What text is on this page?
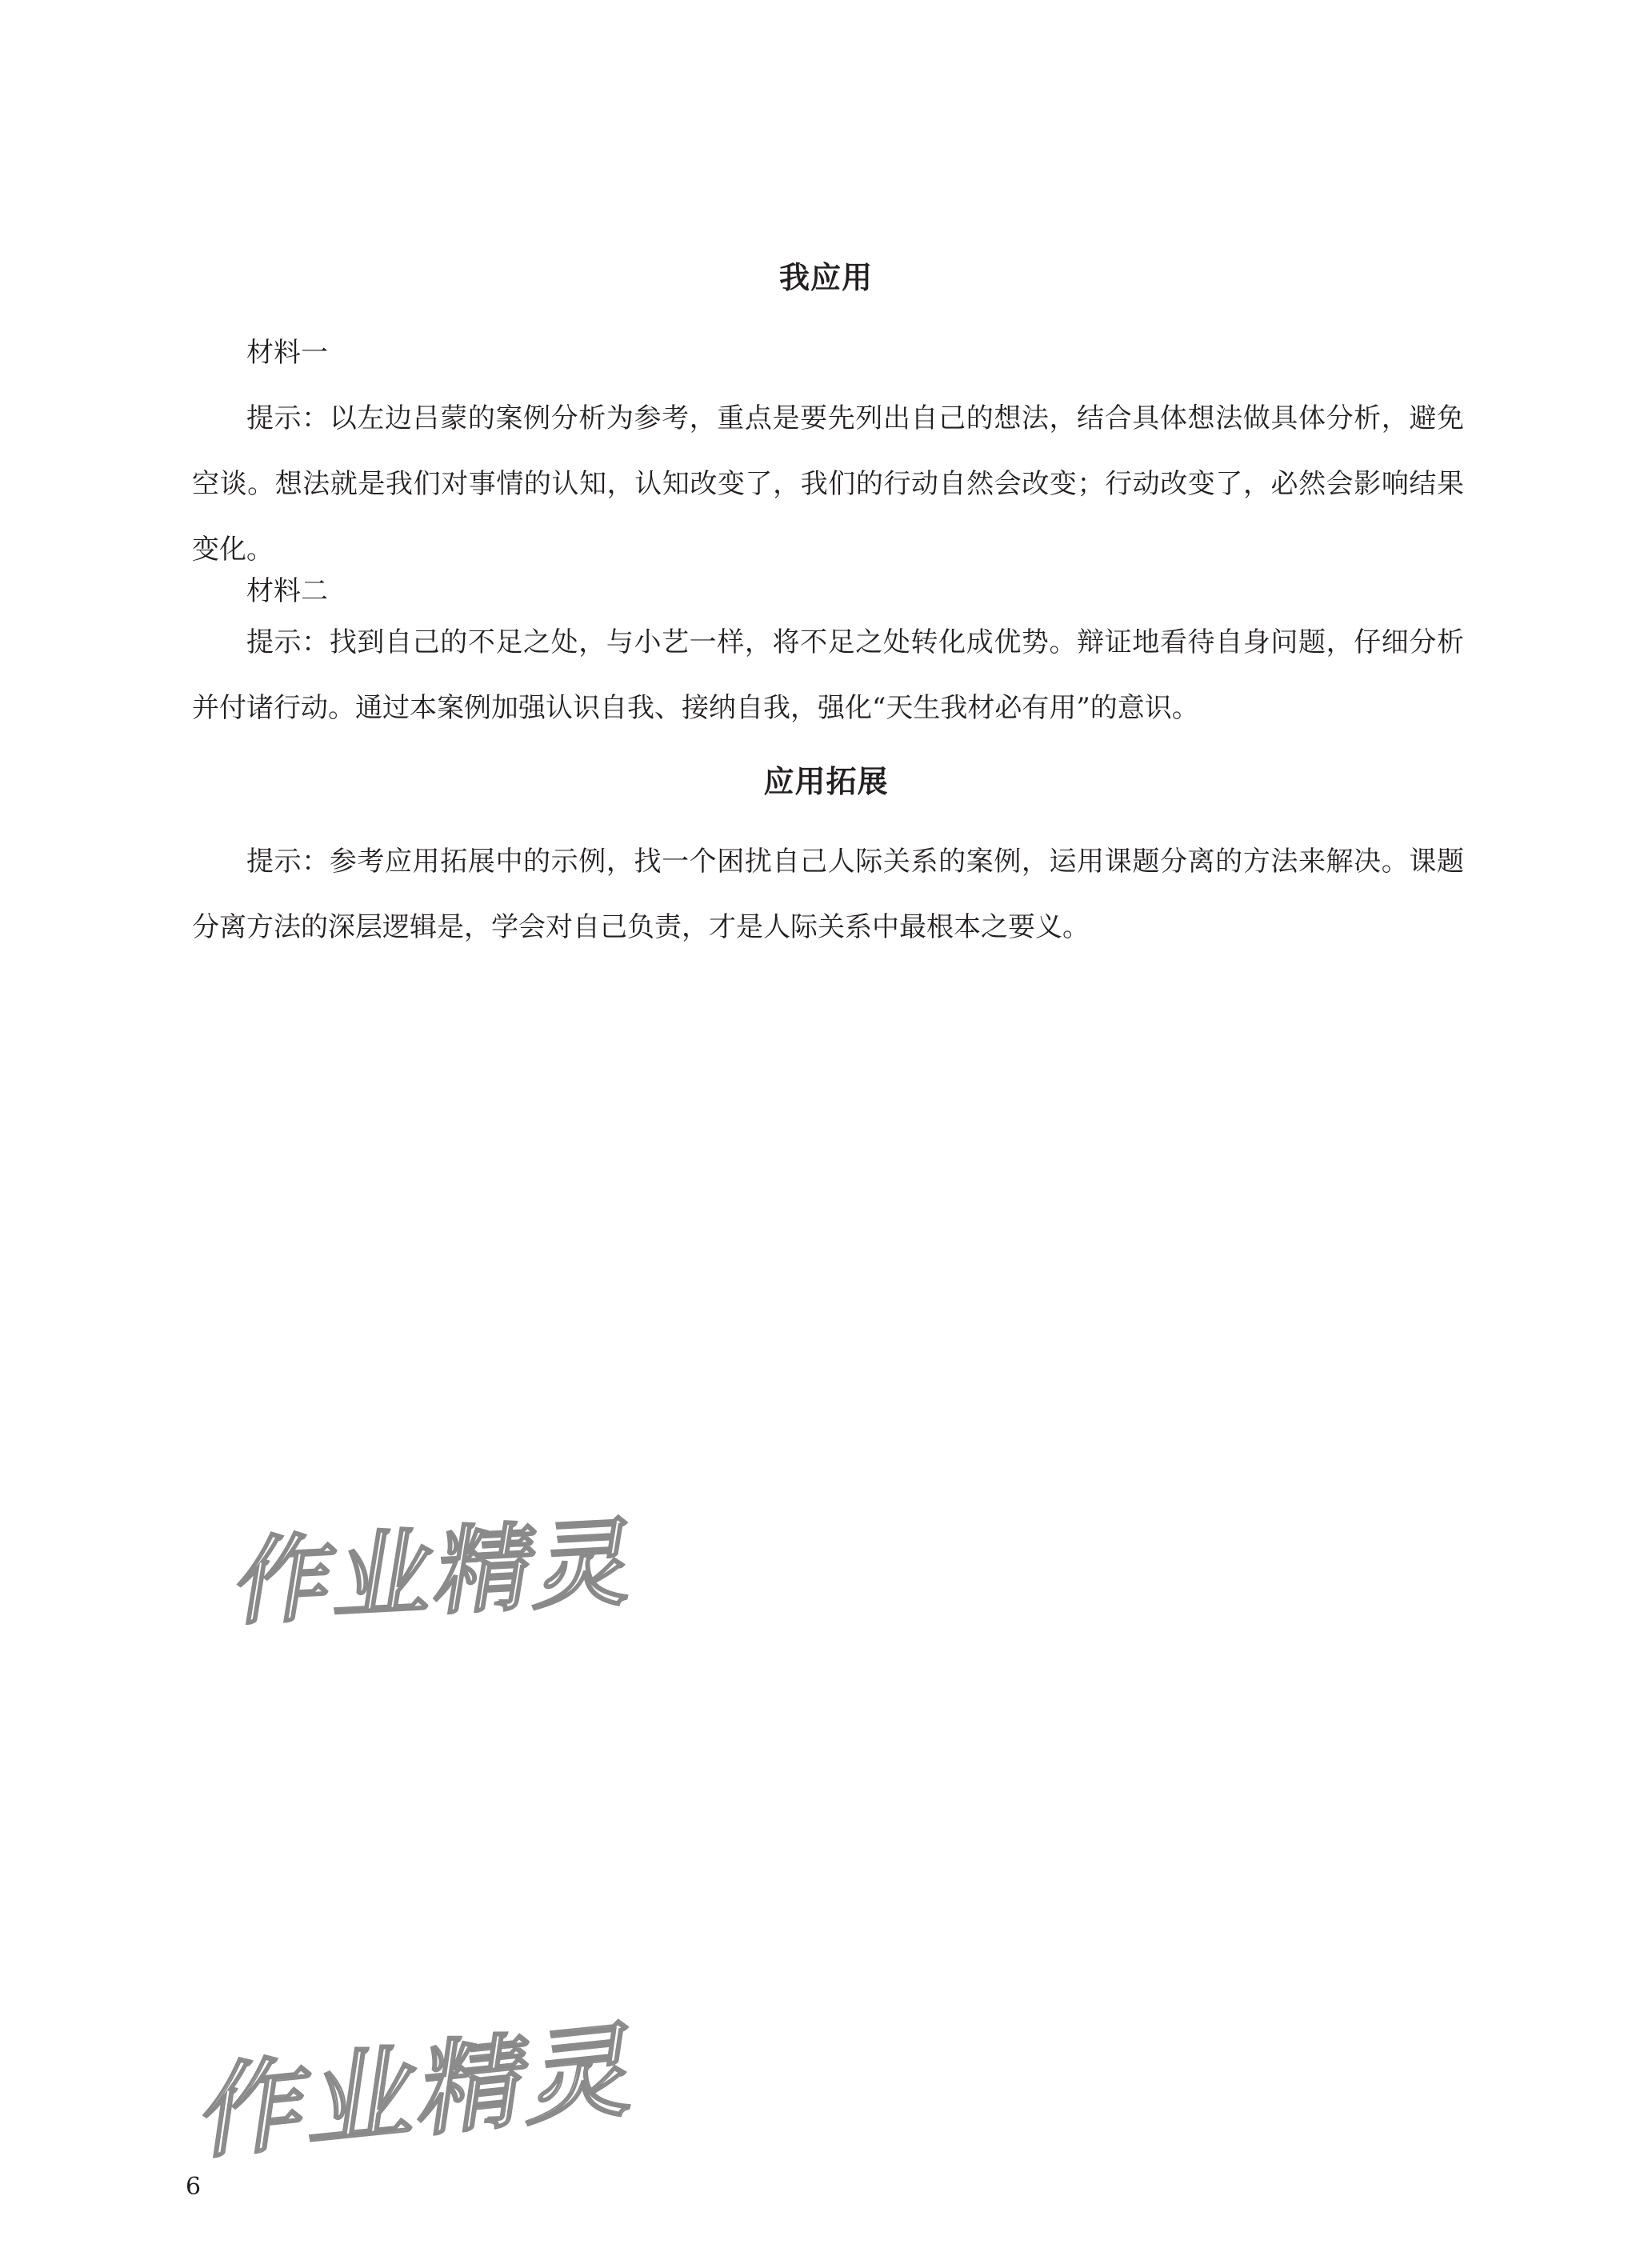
我应用

材料一

提示：以左边吕蒙的案例分析为参考，重点是要先列出自己的想法，结合具体想法做具体分析，避免空谈。想法就是我们对事情的认知，认知改变了，我们的行动自然会改变；行动改变了，必然会影响结果变化。

材料二

提示：找到自己的不足之处，与小艺一样，将不足之处转化成优势。辩证地看待自身问题，仔细分析并付诸行动。通过本案例加强认识自我、接纳自我，强化“天生我材必有用”的意识。

应用拓展

提示：参考应用拓展中的示例，找一个困扰自己人际关系的案例，运用课题分离的方法来解决。课题分离方法的深层逻辑是，学会对自己负责，才是人际关系中最根本之要义。

作业精灵
作业精灵

6
